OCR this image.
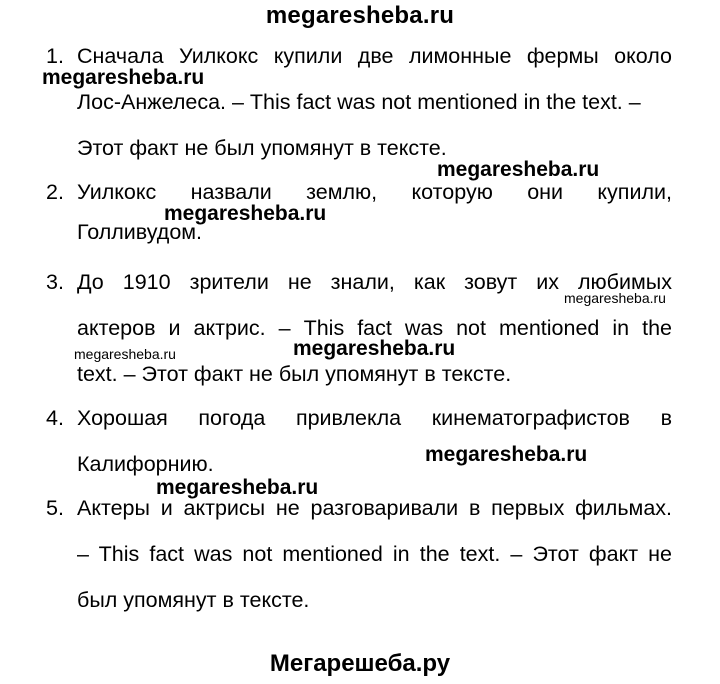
megaresheba.ru
1. Сначала Уилкокс купили две лимонные фермы около
Лос-Анжелеса. – This fact was not mentioned in the text. –
Этот факт не был упомянут в тексте.
2. Уилкокс назвали землю, которую они купили,
Голливудом.
3. До 1910 зрители не знали, как зовут их любимых
актеров и актрис. – This fact was not mentioned in the
text. – Этот факт не был упомянут в тексте.
4. Хорошая погода привлекла кинематографистов в
Калифорнию.
5. Актеры и актрисы не разговаривали в первых фильмах.
– This fact was not mentioned in the text. – Этот факт не
был упомянут в тексте.
megaresheba.ru
megaresheba.ru
megaresheba.ru
megaresheba.ru
megaresheba.ru
megaresheba.ru
megaresheba.ru
megaresheba.ru
Мегарешеба.ру
